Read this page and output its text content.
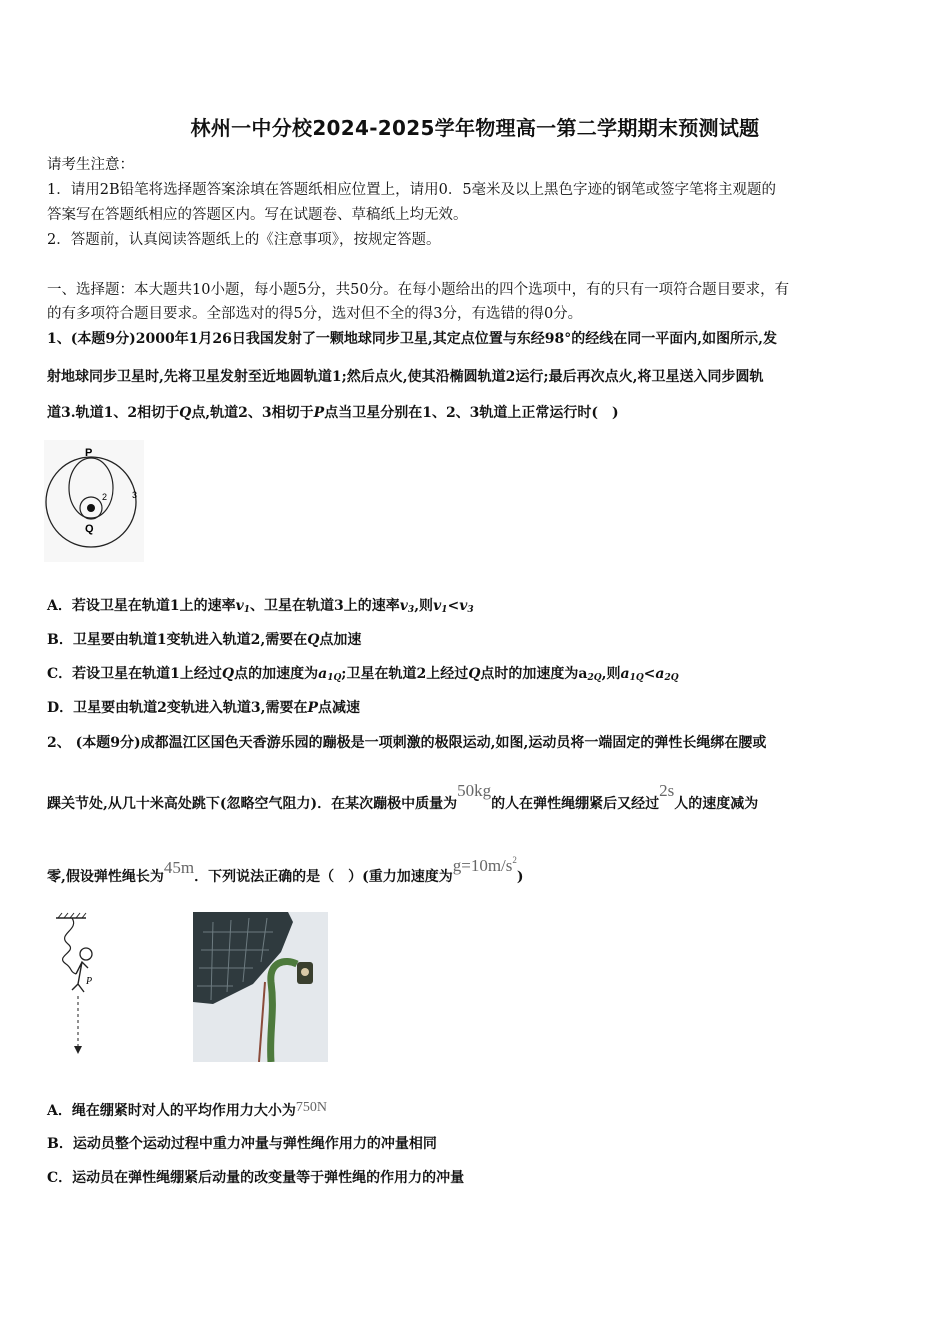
林州一中分校2024-2025学年物理高一第二学期期末预测试题
请考生注意：
1．请用2B铅笔将选择题答案涂填在答题纸相应位置上，请用0．5毫米及以上黑色字迹的钢笔或签字笔将主观题的
答案写在答题纸相应的答题区内。写在试题卷、草稿纸上均无效。
2．答题前，认真阅读答题纸上的《注意事项》，按规定答题。
一、选择题：本大题共10小题，每小题5分，共50分。在每小题给出的四个选项中，有的只有一项符合题目要求，有
的有多项符合题目要求。全部选对的得5分，选对但不全的得3分，有选错的得0分。
1、(本题9分)2000年1月26日我国发射了一颗地球同步卫星,其定点位置与东经98°的经线在同一平面内,如图所示,发
射地球同步卫星时,先将卫星发射至近地圆轨道1;然后点火,使其沿椭圆轨道2运行;最后再次点火,将卫星送入同步圆轨
道3.轨道1、2相切于Q点,轨道2、3相切于P点当卫星分别在1、2、3轨道上正常运行时(　)
P
Q
2	3
A．若设卫星在轨道1上的速率$v_1$、卫星在轨道3上的速率$v_3$,则$v_1<v_3$
B．卫星要由轨道1变轨进入轨道2,需要在Q点加速
C．若设卫星在轨道1上经过Q点的加速度为$a_{1Q}$;卫星在轨道2上经过Q点时的加速度为$a_{2Q}$,则$a_{1Q}<a_{2Q}$
D．卫星要由轨道2变轨进入轨道3,需要在P点减速
2、 (本题9分)成都温江区国色天香游乐园的蹦极是一项刺激的极限运动,如图,运动员将一端固定的弹性长绳绑在腰或
踝关节处,从几十米高处跳下(忽略空气阻力)．在某次蹦极中质量为50kg的人在弹性绳绷紧后又经过2s人的速度减为
零,假设弹性绳长为45m．下列说法正确的是（　）(重力加速度为$g=10m/s^2$)
P
A．绳在绷紧时对人的平均作用力大小为750N
B．运动员整个运动过程中重力冲量与弹性绳作用力的冲量相同
C．运动员在弹性绳绷紧后动量的改变量等于弹性绳的作用力的冲量
